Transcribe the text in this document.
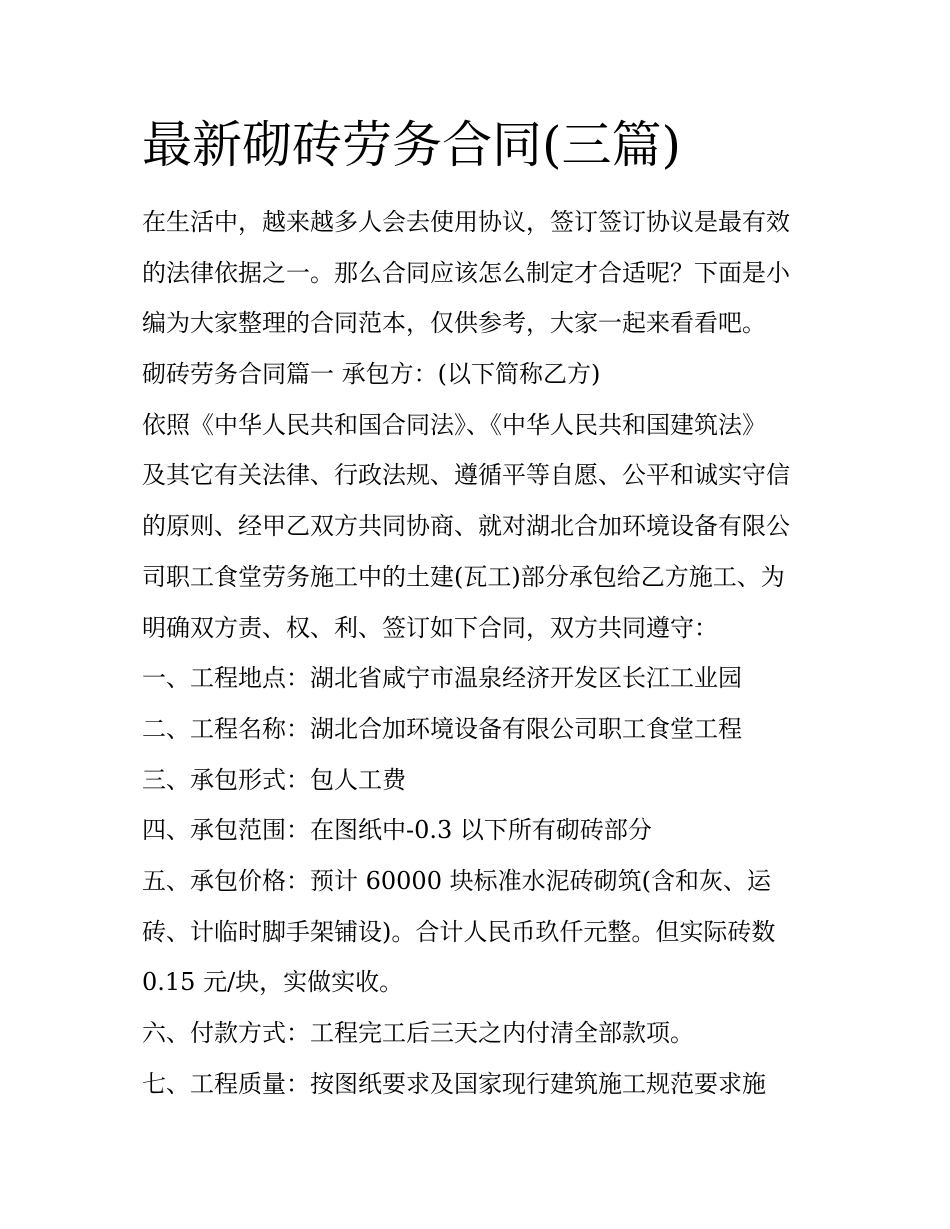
最新砌砖劳务合同(三篇)
在生活中，越来越多人会去使用协议，签订签订协议是最有效
的法律依据之一。那么合同应该怎么制定才合适呢？下面是小
编为大家整理的合同范本，仅供参考，大家一起来看看吧。
砌砖劳务合同篇一 承包方：(以下简称乙方)
依照《中华人民共和国合同法》、《中华人民共和国建筑法》
及其它有关法律、行政法规、遵循平等自愿、公平和诚实守信
的原则、经甲乙双方共同协商、就对湖北合加环境设备有限公
司职工食堂劳务施工中的土建(瓦工)部分承包给乙方施工、为
明确双方责、权、利、签订如下合同，双方共同遵守：
一、工程地点：湖北省咸宁市温泉经济开发区长江工业园
二、工程名称：湖北合加环境设备有限公司职工食堂工程
三、承包形式：包人工费
四、承包范围：在图纸中-0.3 以下所有砌砖部分
五、承包价格：预计 60000 块标准水泥砖砌筑(含和灰、运
砖、计临时脚手架铺设)。合计人民币玖仟元整。但实际砖数
0.15 元/块，实做实收。
六、付款方式：工程完工后三天之内付清全部款项。
七、工程质量：按图纸要求及国家现行建筑施工规范要求施
